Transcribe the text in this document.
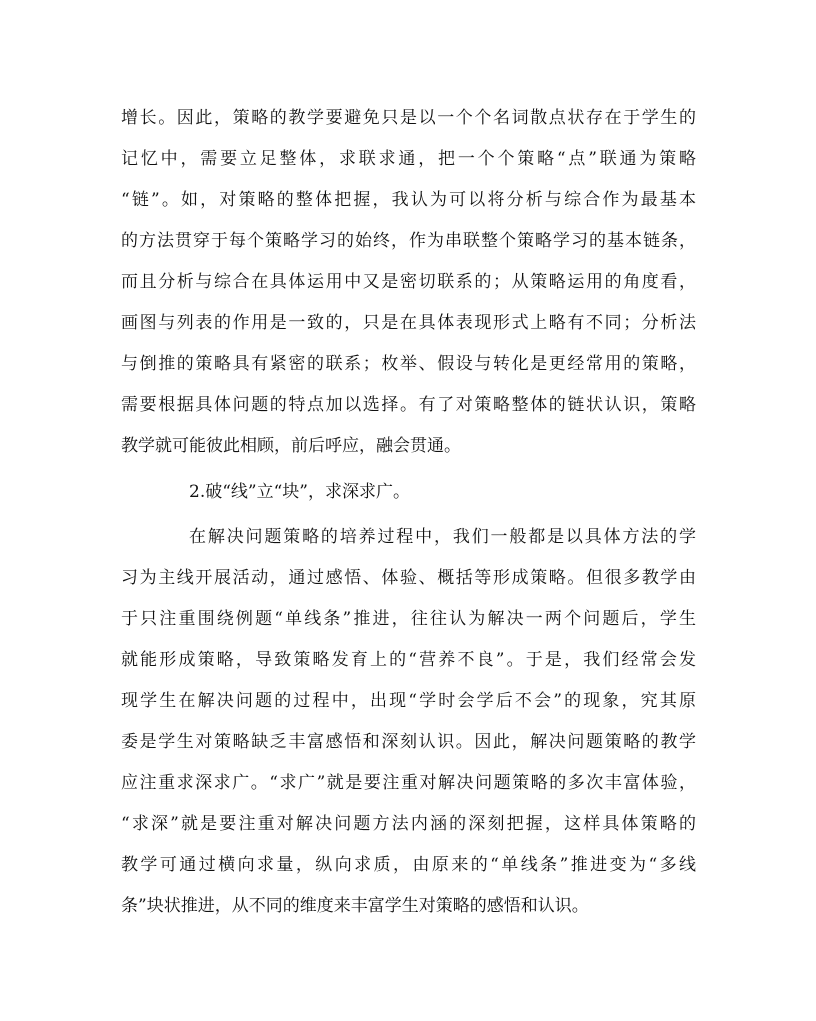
增长。因此，策略的教学要避免只是以一个个名词散点状存在于学生的
记忆中，需要立足整体，求联求通，把一个个策略“点”联通为策略
“链”。如，对策略的整体把握，我认为可以将分析与综合作为最基本
的方法贯穿于每个策略学习的始终，作为串联整个策略学习的基本链条，
而且分析与综合在具体运用中又是密切联系的；从策略运用的角度看，
画图与列表的作用是一致的，只是在具体表现形式上略有不同；分析法
与倒推的策略具有紧密的联系；枚举、假设与转化是更经常用的策略，
需要根据具体问题的特点加以选择。有了对策略整体的链状认识，策略
教学就可能彼此相顾，前后呼应，融会贯通。
2.破“线”立“块”，求深求广。
在解决问题策略的培养过程中，我们一般都是以具体方法的学
习为主线开展活动，通过感悟、体验、概括等形成策略。但很多教学由
于只注重围绕例题“单线条”推进，往往认为解决一两个问题后，学生
就能形成策略，导致策略发育上的“营养不良”。于是，我们经常会发
现学生在解决问题的过程中，出现“学时会学后不会”的现象，究其原
委是学生对策略缺乏丰富感悟和深刻认识。因此，解决问题策略的教学
应注重求深求广。“求广”就是要注重对解决问题策略的多次丰富体验，
“求深”就是要注重对解决问题方法内涵的深刻把握，这样具体策略的
教学可通过横向求量，纵向求质，由原来的“单线条”推进变为“多线
条”块状推进，从不同的维度来丰富学生对策略的感悟和认识。
